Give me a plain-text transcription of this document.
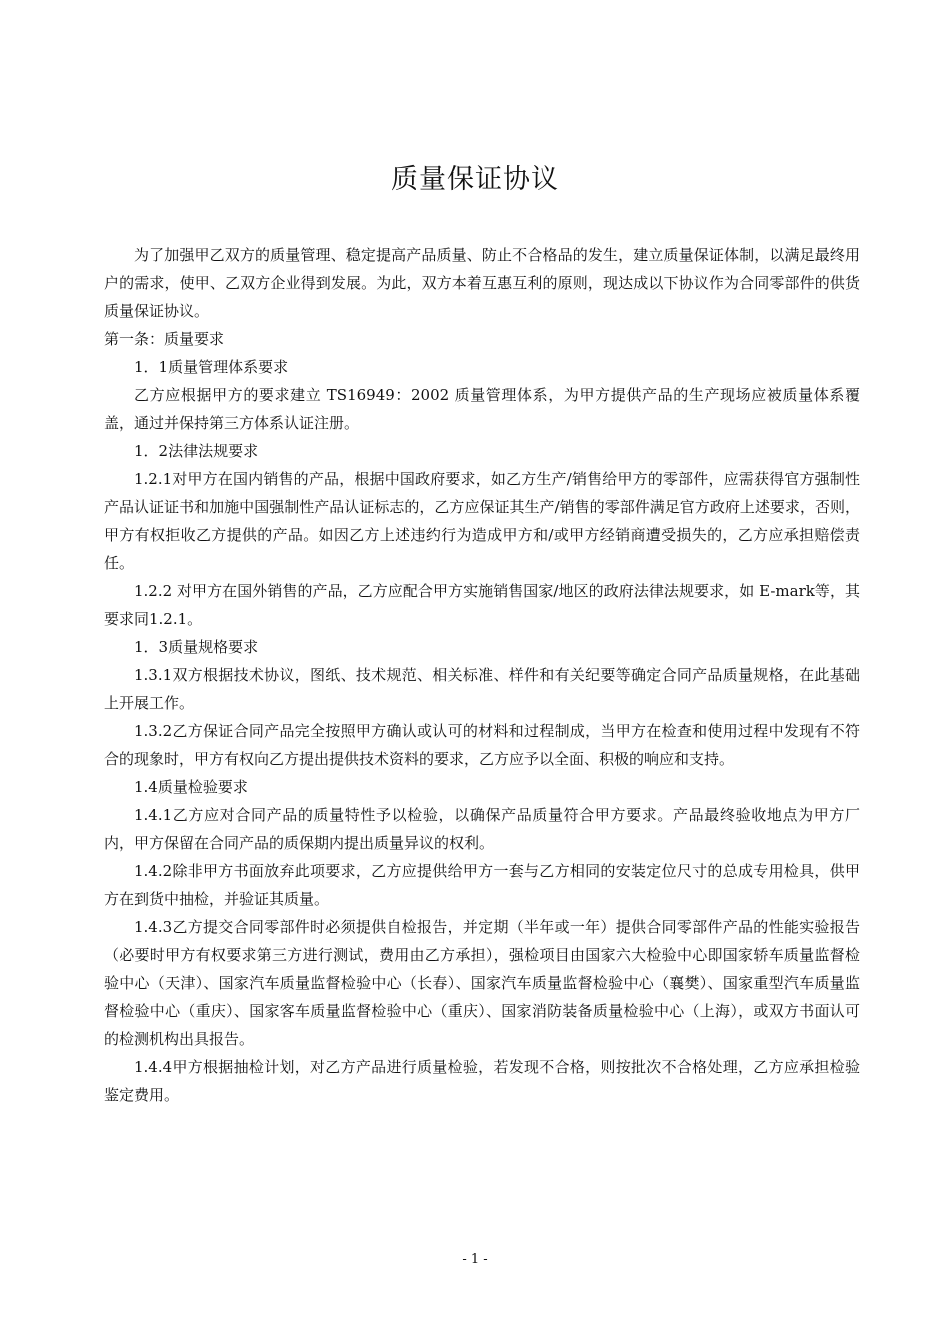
质量保证协议

为了加强甲乙双方的质量管理、稳定提高产品质量、防止不合格品的发生，建立质量保证体制，以满足最终用户的需求，使甲、乙双方企业得到发展。为此，双方本着互惠互利的原则，现达成以下协议作为合同零部件的供货质量保证协议。

第一条：质量要求

1．1质量管理体系要求

乙方应根据甲方的要求建立 TS16949：2002 质量管理体系，为甲方提供产品的生产现场应被质量体系覆盖，通过并保持第三方体系认证注册。

1．2法律法规要求

1.2.1对甲方在国内销售的产品，根据中国政府要求，如乙方生产/销售给甲方的零部件，应需获得官方强制性产品认证证书和加施中国强制性产品认证标志的，乙方应保证其生产/销售的零部件满足官方政府上述要求，否则，甲方有权拒收乙方提供的产品。如因乙方上述违约行为造成甲方和/或甲方经销商遭受损失的，乙方应承担赔偿责任。

1.2.2 对甲方在国外销售的产品，乙方应配合甲方实施销售国家/地区的政府法律法规要求，如 E-mark等，其要求同1.2.1。

1．3质量规格要求

1.3.1双方根据技术协议，图纸、技术规范、相关标准、样件和有关纪要等确定合同产品质量规格，在此基础上开展工作。

1.3.2乙方保证合同产品完全按照甲方确认或认可的材料和过程制成，当甲方在检查和使用过程中发现有不符合的现象时，甲方有权向乙方提出提供技术资料的要求，乙方应予以全面、积极的响应和支持。

1.4质量检验要求

1.4.1乙方应对合同产品的质量特性予以检验，以确保产品质量符合甲方要求。产品最终验收地点为甲方厂内，甲方保留在合同产品的质保期内提出质量异议的权利。

1.4.2除非甲方书面放弃此项要求，乙方应提供给甲方一套与乙方相同的安装定位尺寸的总成专用检具，供甲方在到货中抽检，并验证其质量。

1.4.3乙方提交合同零部件时必须提供自检报告，并定期（半年或一年）提供合同零部件产品的性能实验报告（必要时甲方有权要求第三方进行测试，费用由乙方承担），强检项目由国家六大检验中心即国家轿车质量监督检验中心（天津）、国家汽车质量监督检验中心（长春）、国家汽车质量监督检验中心（襄樊）、国家重型汽车质量监督检验中心（重庆）、国家客车质量监督检验中心（重庆）、国家消防装备质量检验中心（上海），或双方书面认可的检测机构出具报告。

1.4.4甲方根据抽检计划，对乙方产品进行质量检验，若发现不合格，则按批次不合格处理，乙方应承担检验鉴定费用。

- 1 -
